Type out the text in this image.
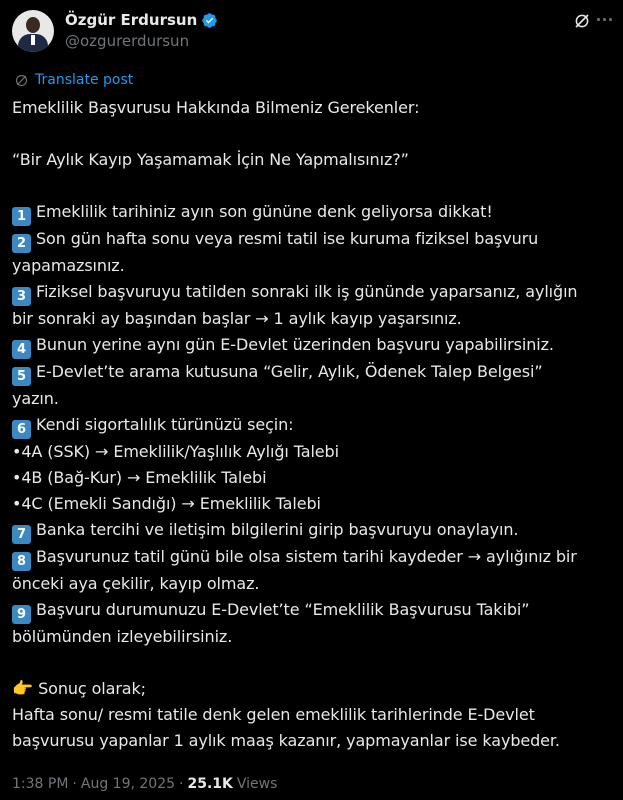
Özgür Erdursun
@ozgurerdursun
Translate post
Emeklilik Başvurusu Hakkında Bilmeniz Gerekenler:
“Bir Aylık Kayıp Yaşamamak İçin Ne Yapmalısınız?”
1 Emeklilik tarihiniz ayın son gününe denk geliyorsa dikkat!
2 Son gün hafta sonu veya resmi tatil ise kuruma fiziksel başvuru
yapamazsınız.
3 Fiziksel başvuruyu tatilden sonraki ilk iş gününde yaparsanız, aylığın
bir sonraki ay başından başlar → 1 aylık kayıp yaşarsınız.
4 Bunun yerine aynı gün E-Devlet üzerinden başvuru yapabilirsiniz.
5 E-Devlet’te arama kutusuna “Gelir, Aylık, Ödenek Talep Belgesi”
yazın.
6 Kendi sigortalılık türünüzü seçin:
•4A (SSK) → Emeklilik/Yaşlılık Aylığı Talebi
•4B (Bağ-Kur) → Emeklilik Talebi
•4C (Emekli Sandığı) → Emeklilik Talebi
7 Banka tercihi ve iletişim bilgilerini girip başvuruyu onaylayın.
8 Başvurunuz tatil günü bile olsa sistem tarihi kaydeder → aylığınız bir
önceki aya çekilir, kayıp olmaz.
9 Başvuru durumunuzu E-Devlet’te “Emeklilik Başvurusu Takibi”
bölümünden izleyebilirsiniz.
👉 Sonuç olarak;
Hafta sonu/ resmi tatile denk gelen emeklilik tarihlerinde E-Devlet
başvurusu yapanlar 1 aylık maaş kazanır, yapmayanlar ise kaybeder.
1:38 PM · Aug 19, 2025 · 25.1K Views
